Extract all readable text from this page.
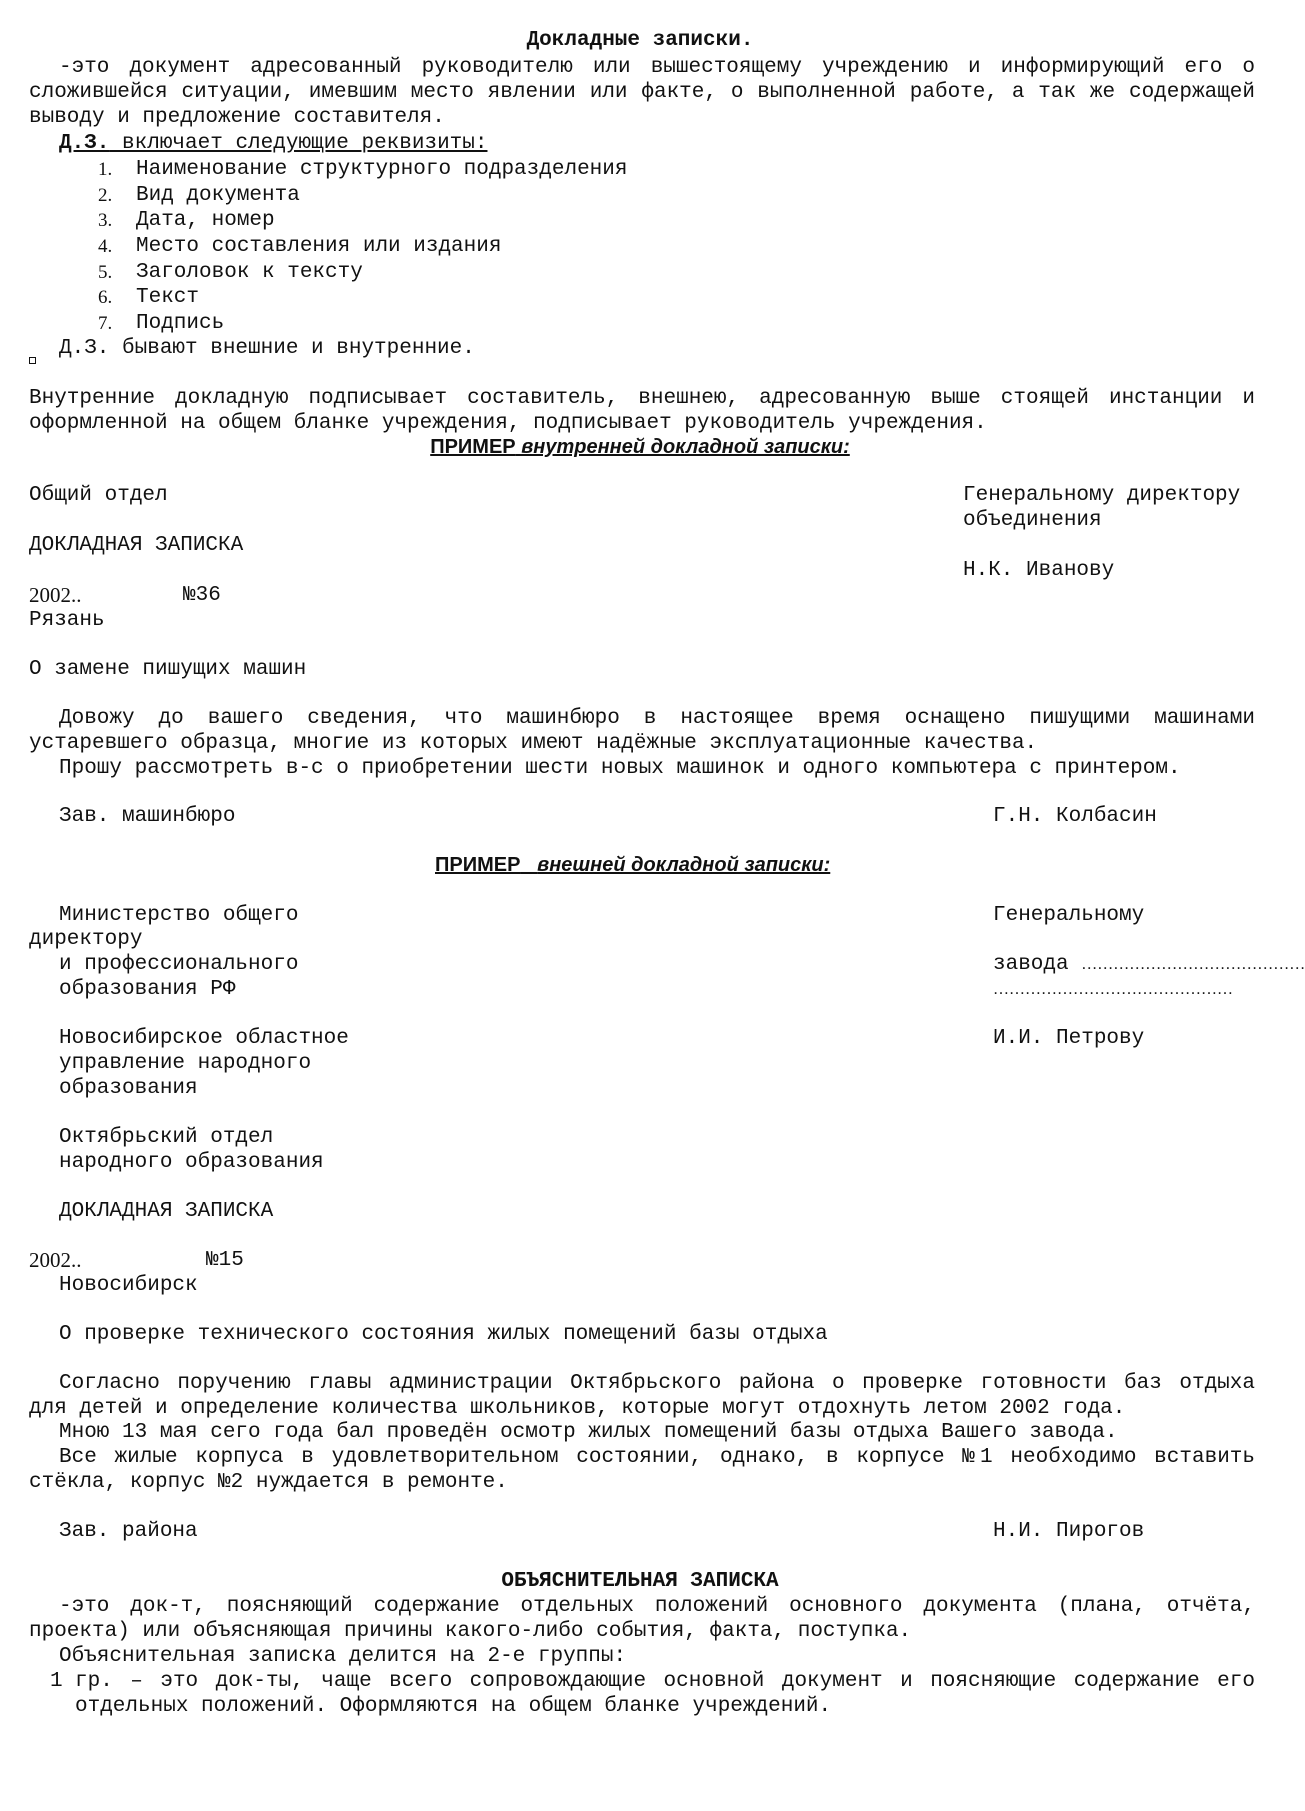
Докладные записки.
-это документ адресованный руководителю или вышестоящему учреждению и информирующий его о сложившейся ситуации, имевшим место явлении или факте, о выполненной работе, а так же содержащей выводу и предложение составителя.
Д.З. включает следующие реквизиты:
1. Наименование структурного подразделения
2. Вид документа
3. Дата, номер
4. Место составления или издания
5. Заголовок к тексту
6. Текст
7. Подпись
Д.З. бывают внешние и внутренние.
Внутренние докладную подписывает составитель, внешнею, адресованную выше стоящей инстанции и оформленной на общем бланке учреждения, подписывает руководитель учреждения.
ПРИМЕР внутренней докладной записки:
Общий отдел	Генеральному директору
объединения
ДОКЛАДНАЯ ЗАПИСКА
Н.К. Иванову
2002..	№36
Рязань
О замене пишущих машин
Довожу до вашего сведения, что машинбюро в настоящее время оснащено пишущими машинами устаревшего образца, многие из которых имеют надёжные эксплуатационные качества.
Прошу рассмотреть в-с о приобретении шести новых машинок и одного компьютера с принтером.
Зав. машинбюро	Г.Н. Колбасин
ПРИМЕР внешней докладной записки:
Министерство общего	Генеральному
директору
и профессионального	завода ……………………………………
образования РФ	………………………………………
Новосибирское областное	И.И. Петрову
управление народного
образования
Октябрьский отдел
народного образования
ДОКЛАДНАЯ ЗАПИСКА
2002..	№15
Новосибирск
О проверке технического состояния жилых помещений базы отдыха
Согласно поручению главы администрации Октябрьского района о проверке готовности баз отдыха для детей и определение количества школьников, которые могут отдохнуть летом 2002 года.
Мною 13 мая сего года бал проведён осмотр жилых помещений базы отдыха Вашего завода.
Все жилые корпуса в удовлетворительном состоянии, однако, в корпусе №1 необходимо вставить стёкла, корпус №2 нуждается в ремонте.
Зав. района	Н.И. Пирогов
ОБЪЯСНИТЕЛЬНАЯ ЗАПИСКА
-это док-т, поясняющий содержание отдельных положений основного документа (плана, отчёта, проекта) или объясняющая причины какого-либо события, факта, поступка.
Объяснительная записка делится на 2-е группы:
1 гр. – это док-ты, чаще всего сопровождающие основной документ и поясняющие содержание его отдельных положений. Оформляются на общем бланке учреждений.
